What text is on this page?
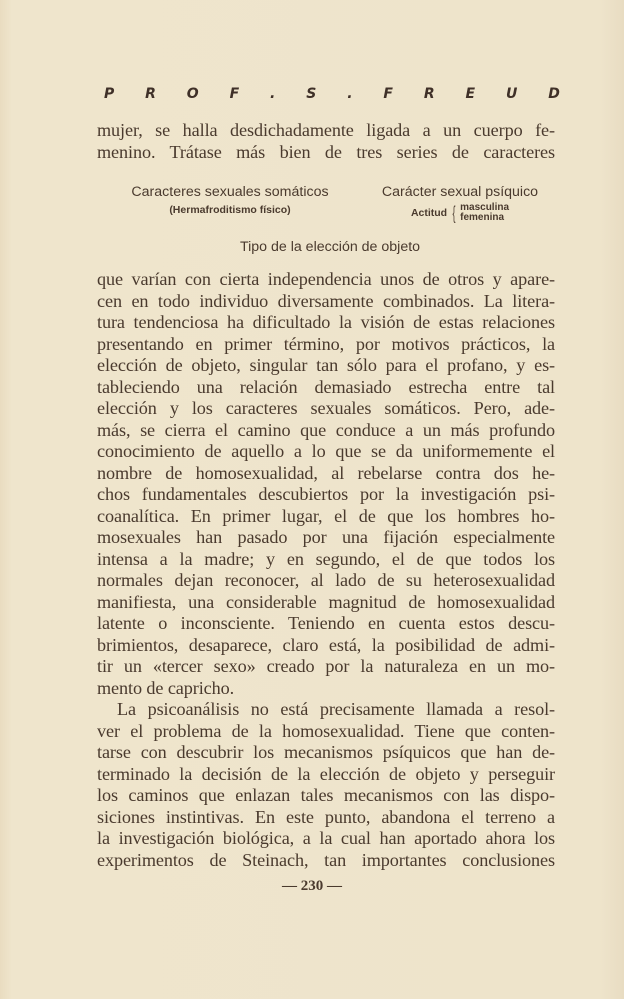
P R O F . S . F R E U D
mujer, se halla desdichadamente ligada a un cuerpo fe-
menino. Trátase más bien de tres series de caracteres
Caracteres sexuales somáticos
(Hermafroditismo físico)
Carácter sexual psíquico
Actitud { masculina
femenina
Tipo de la elección de objeto
que varían con cierta independencia unos de otros y apare-
cen en todo individuo diversamente combinados. La litera-
tura tendenciosa ha dificultado la visión de estas relaciones
presentando en primer término, por motivos prácticos, la
elección de objeto, singular tan sólo para el profano, y es-
tableciendo una relación demasiado estrecha entre tal
elección y los caracteres sexuales somáticos. Pero, ade-
más, se cierra el camino que conduce a un más profundo
conocimiento de aquello a lo que se da uniformemente el
nombre de homosexualidad, al rebelarse contra dos he-
chos fundamentales descubiertos por la investigación psi-
coanalítica. En primer lugar, el de que los hombres ho-
mosexuales han pasado por una fijación especialmente
intensa a la madre; y en segundo, el de que todos los
normales dejan reconocer, al lado de su heterosexualidad
manifiesta, una considerable magnitud de homosexualidad
latente o inconsciente. Teniendo en cuenta estos descu-
brimientos, desaparece, claro está, la posibilidad de admi-
tir un «tercer sexo» creado por la naturaleza en un mo-
mento de capricho.
La psicoanálisis no está precisamente llamada a resol-
ver el problema de la homosexualidad. Tiene que conten-
tarse con descubrir los mecanismos psíquicos que han de-
terminado la decisión de la elección de objeto y perseguir
los caminos que enlazan tales mecanismos con las dispo-
siciones instintivas. En este punto, abandona el terreno a
la investigación biológica, a la cual han aportado ahora los
experimentos de Steinach, tan importantes conclusiones
— 230 —
